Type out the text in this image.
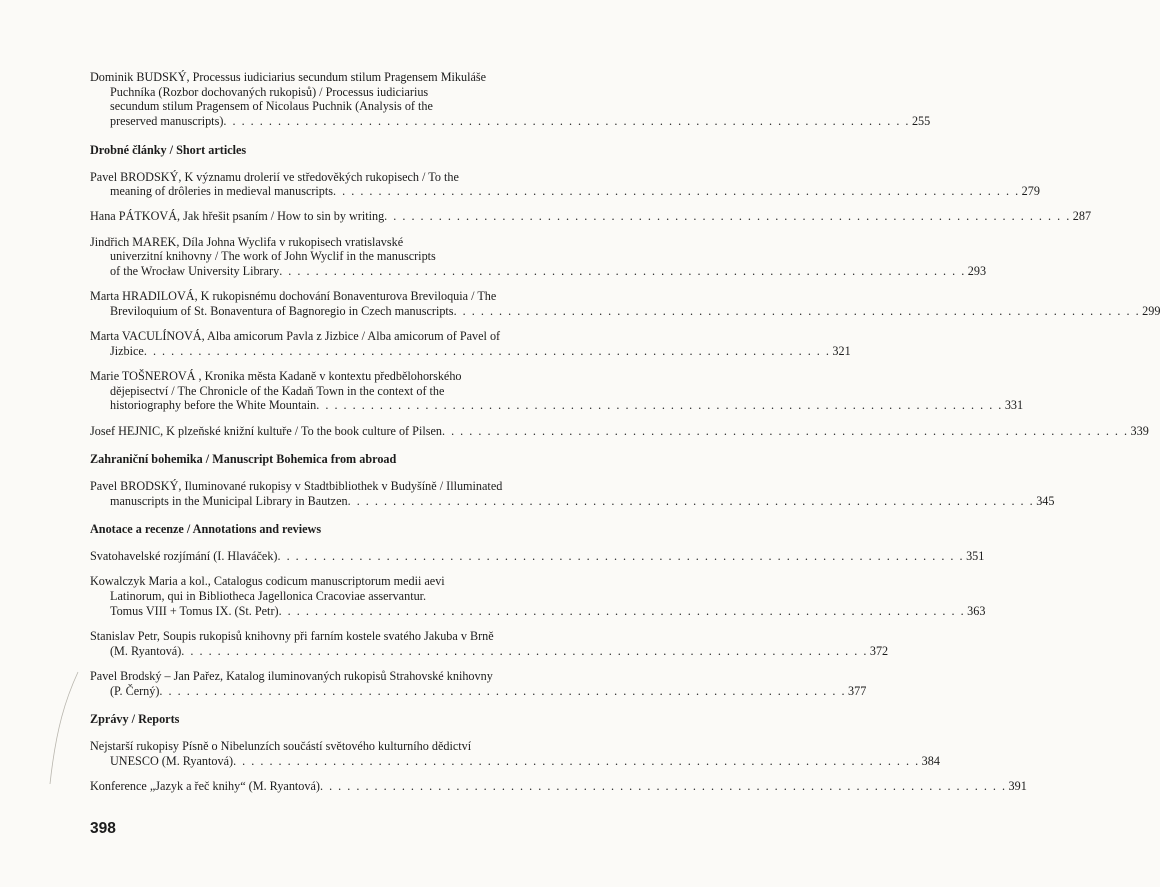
Dominik BUDSKÝ, Processus iudiciarius secundum stilum Pragensem Mikuláše
Puchníka (Rozbor dochovaných rukopisů) / Processus iudiciarius
secundum stilum Pragensem of Nicolaus Puchnik (Analysis of the
preserved manuscripts) . . . . . . . . . . . . . . . . . . . . . . . . . . . . . . . . . . . . . . . . . . . . . . . . . . . . . . . . . . . . . . . . . . . . . . . . . . . . 255
Drobné články / Short articles
Pavel BRODSKÝ, K významu drolerií ve středověkých rukopisech / To the
meaning of drôleries in medieval manuscripts . . . . . . . . . . . . . . . . . . . . . . . . . . . . . . . . . . . . . . . . . . . . . . . . . . . . . . . . . . . . . . . . . . . . . . . . . . . . 279
Hana PÁTKOVÁ, Jak hřešit psaním / How to sin by writing . . . . . . . . . . . . . . . . . . . . . . . . . . . . . . . . . . . . . . . . . . . . . . . . . . . . . . . . . . . . . . . . . . . . . . . . . . . . 287
Jindřich MAREK, Díla Johna Wyclifa v rukopisech vratislavské
univerzitní knihovny / The work of John Wyclif in the manuscripts
of the Wrocław University Library . . . . . . . . . . . . . . . . . . . . . . . . . . . . . . . . . . . . . . . . . . . . . . . . . . . . . . . . . . . . . . . . . . . . . . . . . . . . 293
Marta HRADILOVÁ, K rukopisnému dochování Bonaventurova Breviloquia / The
Breviloquium of St. Bonaventura of Bagnoregio in Czech manuscripts . . . . . . . . . . . . . . . . . . . . . . . . . . . . . . . . . . . . . . . . . . . . . . . . . . . . . . . . . . . . . . . . . . . . . . . . . . . . 299
Marta VACULÍNOVÁ, Alba amicorum Pavla z Jizbice / Alba amicorum of Pavel of
Jizbice . . . . . . . . . . . . . . . . . . . . . . . . . . . . . . . . . . . . . . . . . . . . . . . . . . . . . . . . . . . . . . . . . . . . . . . . . . . . 321
Marie TOŠNEROVÁ , Kronika města Kadaně v kontextu předbělohorského
dějepisectví / The Chronicle of the Kadaň Town in the context of the
historiography before the White Mountain . . . . . . . . . . . . . . . . . . . . . . . . . . . . . . . . . . . . . . . . . . . . . . . . . . . . . . . . . . . . . . . . . . . . . . . . . . . . 331
Josef HEJNIC, K plzeňské knižní kultuře / To the book culture of Pilsen . . . . . . . . . . . . . . . . . . . . . . . . . . . . . . . . . . . . . . . . . . . . . . . . . . . . . . . . . . . . . . . . . . . . . . . . . . . . 339
Zahraniční bohemika / Manuscript Bohemica from abroad
Pavel BRODSKÝ, Iluminované rukopisy v Stadtbibliothek v Budyšíně / Illuminated
manuscripts in the Municipal Library in Bautzen . . . . . . . . . . . . . . . . . . . . . . . . . . . . . . . . . . . . . . . . . . . . . . . . . . . . . . . . . . . . . . . . . . . . . . . . . . . . 345
Anotace a recenze / Annotations and reviews
Svatohavelské rozjímání (I. Hlaváček) . . . . . . . . . . . . . . . . . . . . . . . . . . . . . . . . . . . . . . . . . . . . . . . . . . . . . . . . . . . . . . . . . . . . . . . . . . . . 351
Kowalczyk Maria a kol., Catalogus codicum manuscriptorum medii aevi
Latinorum, qui in Bibliotheca Jagellonica Cracoviae asservantur.
Tomus VIII + Tomus IX. (St. Petr) . . . . . . . . . . . . . . . . . . . . . . . . . . . . . . . . . . . . . . . . . . . . . . . . . . . . . . . . . . . . . . . . . . . . . . . . . . . . 363
Stanislav Petr, Soupis rukopisů knihovny při farním kostele svatého Jakuba v Brně
(M. Ryantová) . . . . . . . . . . . . . . . . . . . . . . . . . . . . . . . . . . . . . . . . . . . . . . . . . . . . . . . . . . . . . . . . . . . . . . . . . . . . 372
Pavel Brodský – Jan Pařez, Katalog iluminovaných rukopisů Strahovské knihovny
(P. Černý) . . . . . . . . . . . . . . . . . . . . . . . . . . . . . . . . . . . . . . . . . . . . . . . . . . . . . . . . . . . . . . . . . . . . . . . . . . . . 377
Zprávy / Reports
Nejstarší rukopisy Písně o Nibelunzích součástí světového kulturního dědictví
UNESCO (M. Ryantová) . . . . . . . . . . . . . . . . . . . . . . . . . . . . . . . . . . . . . . . . . . . . . . . . . . . . . . . . . . . . . . . . . . . . . . . . . . . . 384
Konference „Jazyk a řeč knihy“ (M. Ryantová) . . . . . . . . . . . . . . . . . . . . . . . . . . . . . . . . . . . . . . . . . . . . . . . . . . . . . . . . . . . . . . . . . . . . . . . . . . . . 391
398
